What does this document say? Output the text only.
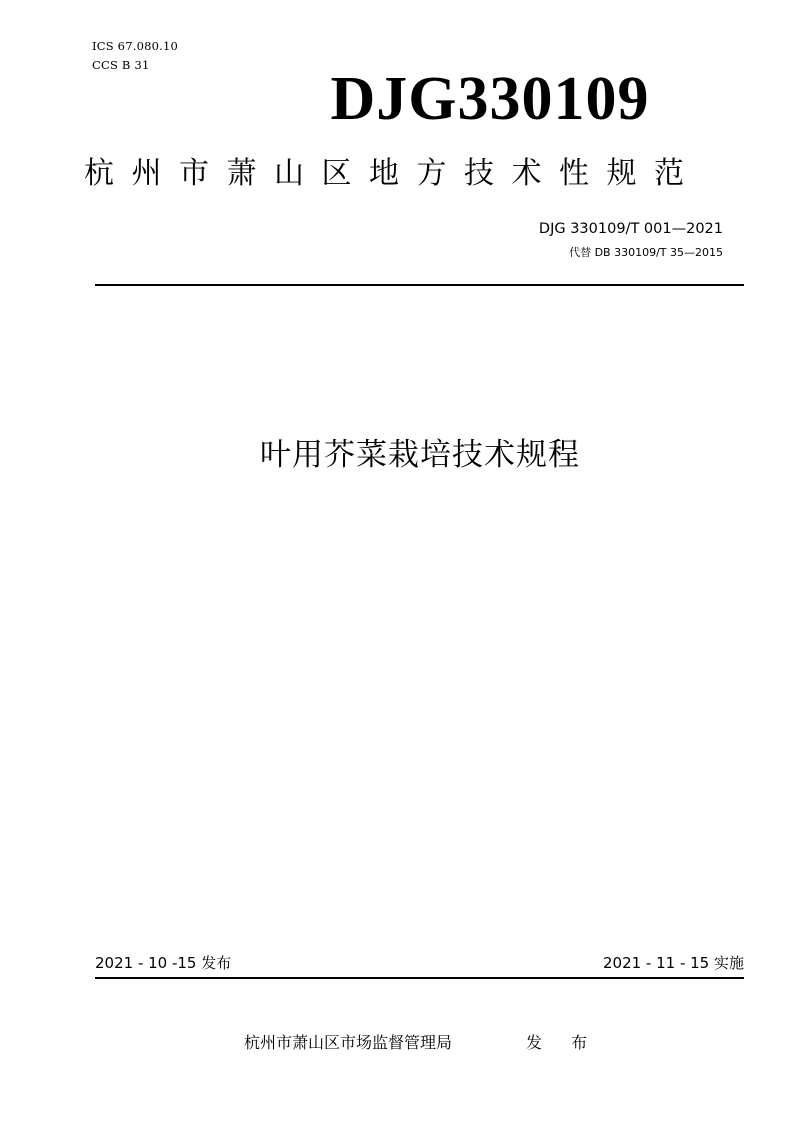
ICS 67.080.10
CCS B 31	DJG330109
杭州市萧山区地方技术性规范
DJG 330109/T 001—2021
代替 DB 330109/T 35—2015
叶用芥菜栽培技术规程
2021 - 10 -15 发布	2021 - 11 - 15 实施
杭州市萧山区市场监督管理局	发 布
